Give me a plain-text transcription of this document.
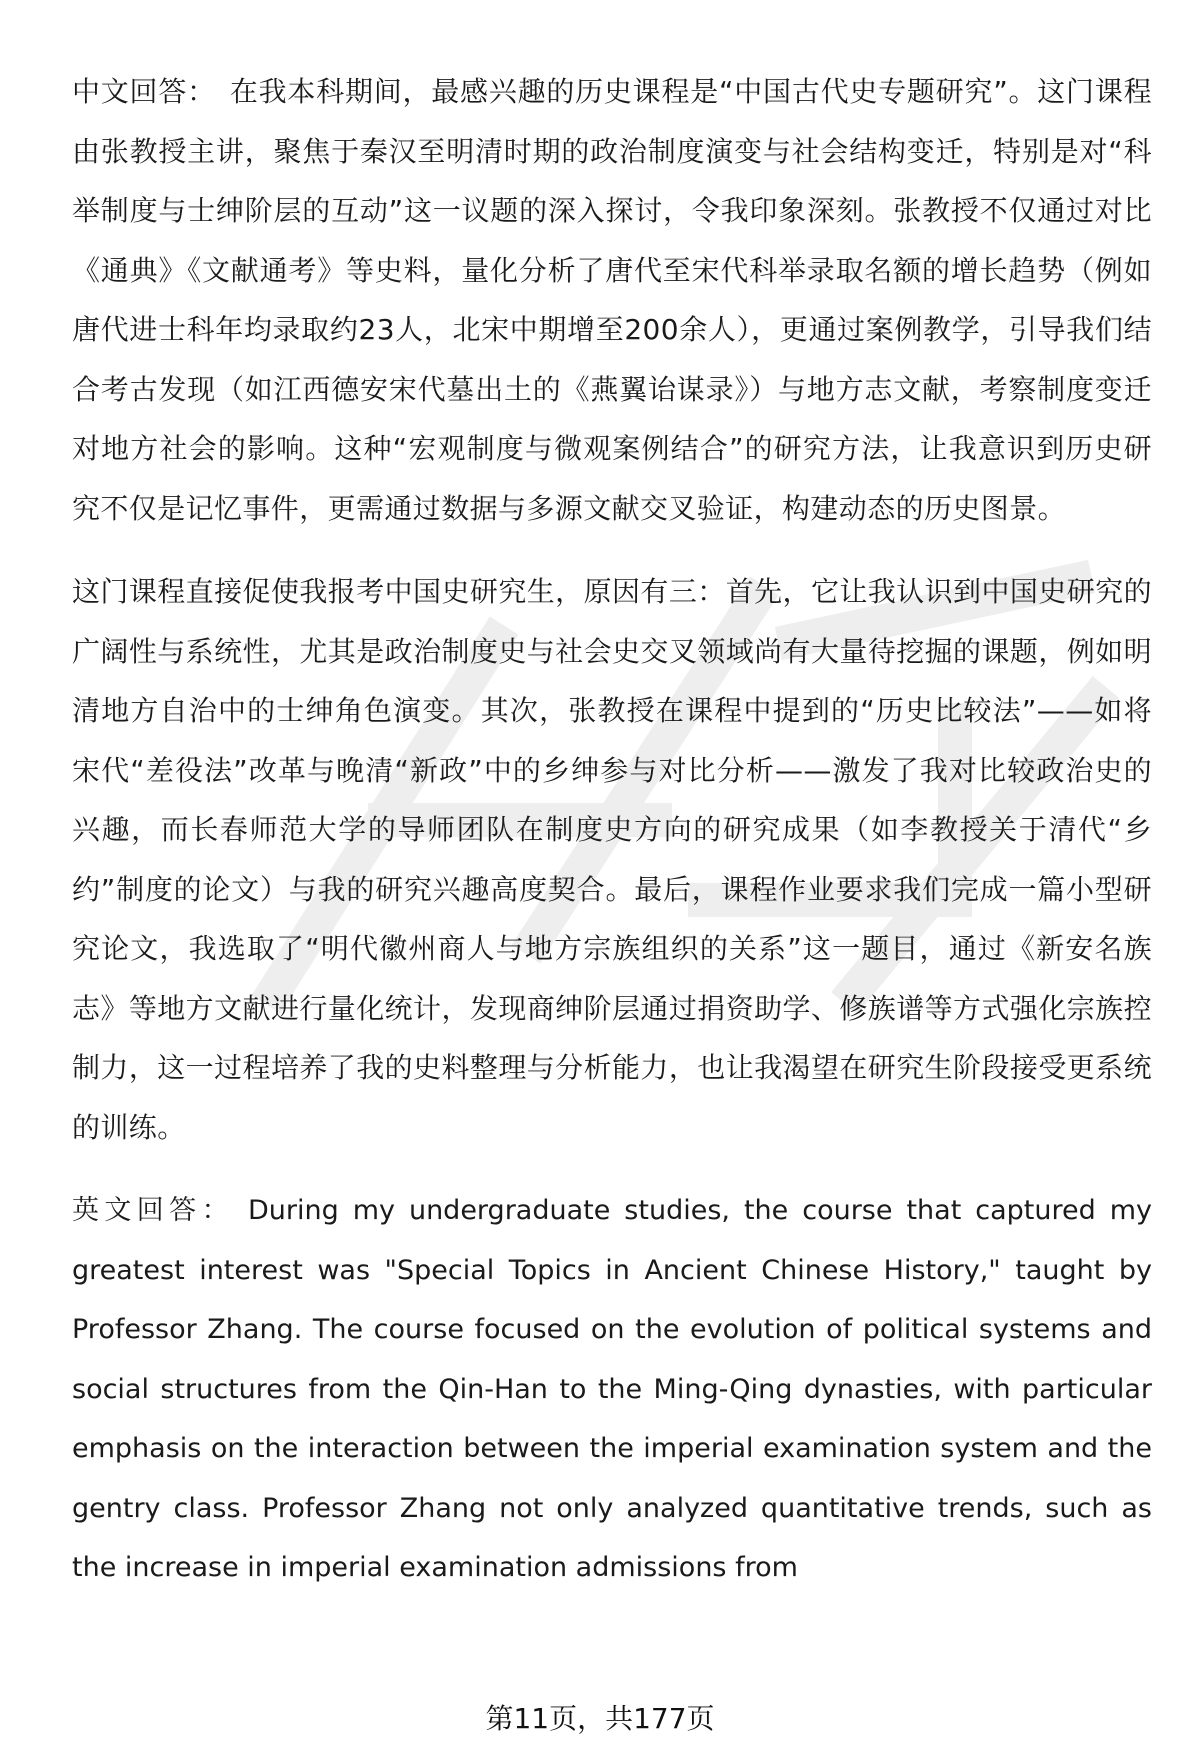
中文回答： 在我本科期间，最感兴趣的历史课程是“中国古代史专题研究”。这门课程由张教授主讲，聚焦于秦汉至明清时期的政治制度演变与社会结构变迁，特别是对“科举制度与士绅阶层的互动”这一议题的深入探讨，令我印象深刻。张教授不仅通过对比《通典》《文献通考》等史料，量化分析了唐代至宋代科举录取名额的增长趋势（例如唐代进士科年均录取约23人，北宋中期增至200余人），更通过案例教学，引导我们结合考古发现（如江西德安宋代墓出土的《燕翼诒谋录》）与地方志文献，考察制度变迁对地方社会的影响。这种“宏观制度与微观案例结合”的研究方法，让我意识到历史研究不仅是记忆事件，更需通过数据与多源文献交叉验证，构建动态的历史图景。

这门课程直接促使我报考中国史研究生，原因有三：首先，它让我认识到中国史研究的广阔性与系统性，尤其是政治制度史与社会史交叉领域尚有大量待挖掘的课题，例如明清地方自治中的士绅角色演变。其次，张教授在课程中提到的“历史比较法”——如将宋代“差役法”改革与晚清“新政”中的乡绅参与对比分析——激发了我对比较政治史的兴趣，而长春师范大学的导师团队在制度史方向的研究成果（如李教授关于清代“乡约”制度的论文）与我的研究兴趣高度契合。最后，课程作业要求我们完成一篇小型研究论文，我选取了“明代徽州商人与地方宗族组织的关系”这一题目，通过《新安名族志》等地方文献进行量化统计，发现商绅阶层通过捐资助学、修族谱等方式强化宗族控制力，这一过程培养了我的史料整理与分析能力，也让我渴望在研究生阶段接受更系统的训练。

英文回答： During my undergraduate studies, the course that captured my greatest interest was "Special Topics in Ancient Chinese History," taught by Professor Zhang. The course focused on the evolution of political systems and social structures from the Qin-Han to the Ming-Qing dynasties, with particular emphasis on the interaction between the imperial examination system and the gentry class. Professor Zhang not only analyzed quantitative trends, such as the increase in imperial examination admissions from

第11页，共177页
